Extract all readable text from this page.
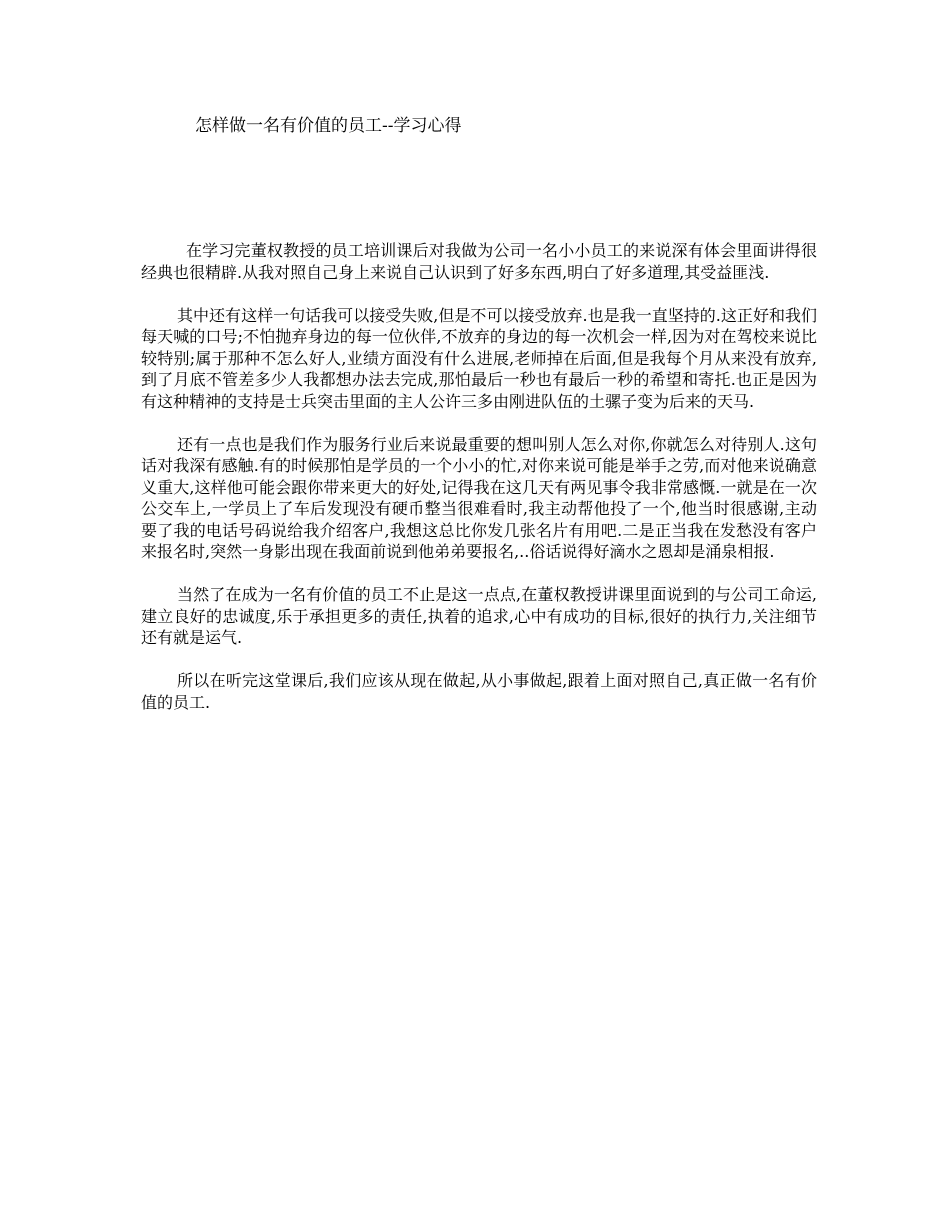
怎样做一名有价值的员工--学习心得

在学习完董权教授的员工培训课后对我做为公司一名小小员工的来说深有体会里面讲得很经典也很精辟.从我对照自己身上来说自己认识到了好多东西,明白了好多道理,其受益匪浅.

其中还有这样一句话我可以接受失败,但是不可以接受放弃.也是我一直坚持的.这正好和我们每天喊的口号;不怕抛弃身边的每一位伙伴,不放弃的身边的每一次机会一样,因为对在驾校来说比较特别;属于那种不怎么好人,业绩方面没有什么进展,老师掉在后面,但是我每个月从来没有放弃,到了月底不管差多少人我都想办法去完成,那怕最后一秒也有最后一秒的希望和寄托.也正是因为有这种精神的支持是士兵突击里面的主人公许三多由刚进队伍的土骡子变为后来的天马.

还有一点也是我们作为服务行业后来说最重要的想叫别人怎么对你,你就怎么对待别人.这句话对我深有感触.有的时候那怕是学员的一个小小的忙,对你来说可能是举手之劳,而对他来说确意义重大,这样他可能会跟你带来更大的好处,记得我在这几天有两见事令我非常感慨.一就是在一次公交车上,一学员上了车后发现没有硬币整当很难看时,我主动帮他投了一个,他当时很感谢,主动要了我的电话号码说给我介绍客户,我想这总比你发几张名片有用吧.二是正当我在发愁没有客户来报名时,突然一身影出现在我面前说到他弟弟要报名,..俗话说得好滴水之恩却是涌泉相报.

当然了在成为一名有价值的员工不止是这一点点,在董权教授讲课里面说到的与公司工命运,建立良好的忠诚度,乐于承担更多的责任,执着的追求,心中有成功的目标,很好的执行力,关注细节还有就是运气.

所以在听完这堂课后,我们应该从现在做起,从小事做起,跟着上面对照自己,真正做一名有价值的员工.
